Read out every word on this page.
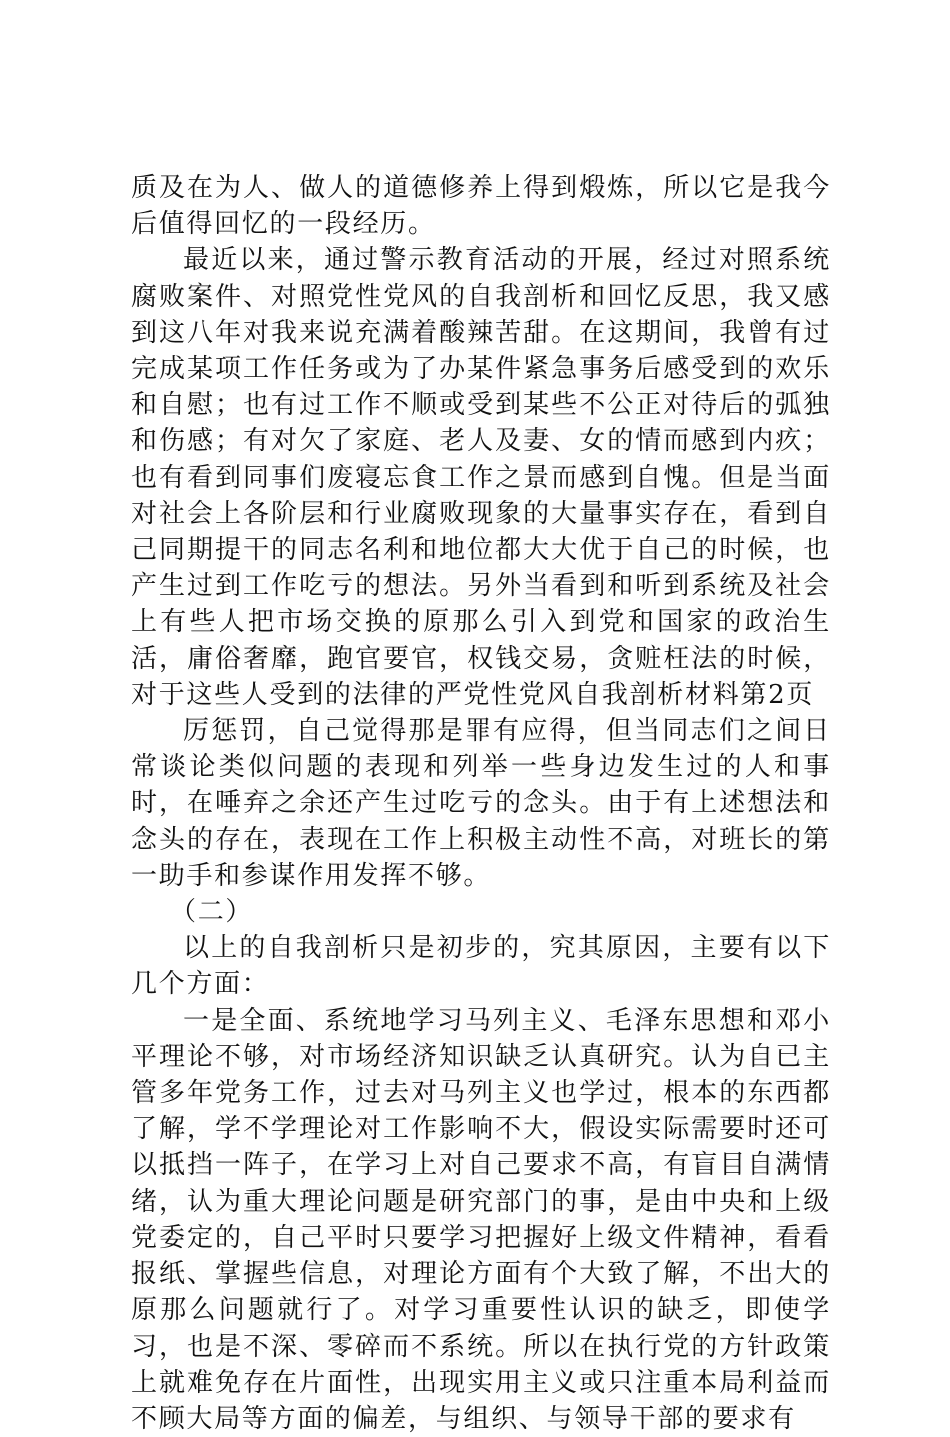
质及在为人、做人的道德修养上得到煅炼，所以它是我今后值得回忆的一段经历。

最近以来，通过警示教育活动的开展，经过对照系统腐败案件、对照党性党风的自我剖析和回忆反思，我又感到这八年对我来说充满着酸辣苦甜。在这期间，我曾有过完成某项工作任务或为了办某件紧急事务后感受到的欢乐和自慰；也有过工作不顺或受到某些不公正对待后的弧独和伤感；有对欠了家庭、老人及妻、女的情而感到内疚；也有看到同事们废寝忘食工作之景而感到自愧。但是当面对社会上各阶层和行业腐败现象的大量事实存在，看到自己同期提干的同志名利和地位都大大优于自己的时候，也产生过到工作吃亏的想法。另外当看到和听到系统及社会上有些人把市场交换的原那么引入到党和国家的政治生活，庸俗奢靡，跑官要官，权钱交易，贪赃枉法的时候，对于这些人受到的法律的严党性党风自我剖析材料第2页

厉惩罚，自己觉得那是罪有应得，但当同志们之间日常谈论类似问题的表现和列举一些身边发生过的人和事时，在唾弃之余还产生过吃亏的念头。由于有上述想法和念头的存在，表现在工作上积极主动性不高，对班长的第一助手和参谋作用发挥不够。

（二）

以上的自我剖析只是初步的，究其原因，主要有以下几个方面：

一是全面、系统地学习马列主义、毛泽东思想和邓小平理论不够，对市场经济知识缺乏认真研究。认为自已主管多年党务工作，过去对马列主义也学过，根本的东西都了解，学不学理论对工作影响不大，假设实际需要时还可以抵挡一阵子，在学习上对自己要求不高，有盲目自满情绪，认为重大理论问题是研究部门的事，是由中央和上级党委定的，自己平时只要学习把握好上级文件精神，看看报纸、掌握些信息，对理论方面有个大致了解，不出大的原那么问题就行了。对学习重要性认识的缺乏，即使学习，也是不深、零碎而不系统。所以在执行党的方针政策上就难免存在片面性，出现实用主义或只注重本局利益而不顾大局等方面的偏差，与组织、与领导干部的要求有
